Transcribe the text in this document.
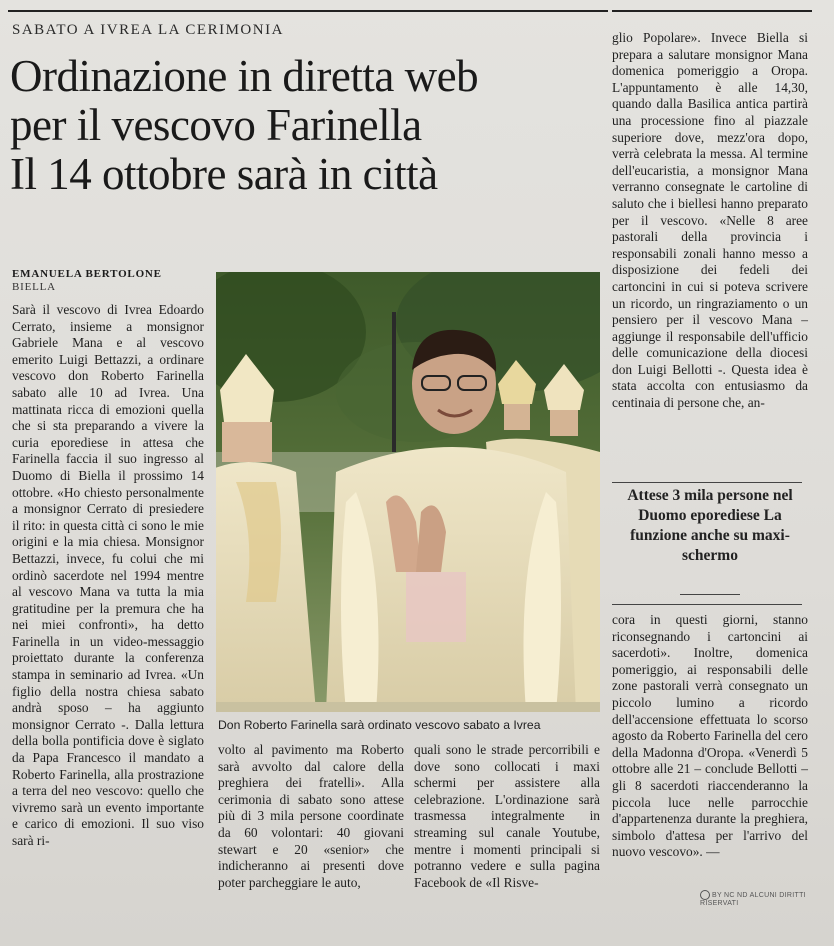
SABATO A IVREA LA CERIMONIA
Ordinazione in diretta web
per il vescovo Farinella
Il 14 ottobre sarà in città
EMANUELA BERTOLONE
BIELLA

Sarà il vescovo di Ivrea Edoardo Cerrato, insieme a monsignor Gabriele Mana e al vescovo emerito Luigi Bettazzi, a ordinare vescovo don Roberto Farinella sabato alle 10 ad Ivrea. Una mattinata ricca di emozioni quella che si sta preparando a vivere la curia eporediese in attesa che Farinella faccia il suo ingresso al Duomo di Biella il prossimo 14 ottobre. «Ho chiesto personalmente a monsignor Cerrato di presiedere il rito: in questa città ci sono le mie origini e la mia chiesa. Monsignor Bettazzi, invece, fu colui che mi ordinò sacerdote nel 1994 mentre al vescovo Mana va tutta la mia gratitudine per la premura che ha nei miei confronti», ha detto Farinella in un video-messaggio proiettato durante la conferenza stampa in seminario ad Ivrea. «Un figlio della nostra chiesa sabato andrà sposo – ha aggiunto monsignor Cerrato -. Dalla lettura della bolla pontificia dove è siglato da Papa Francesco il mandato a Roberto Farinella, alla prostrazione a terra del neo vescovo: quello che vivremo sarà un evento importante e carico di emozioni. Il suo viso sarà ri-

Don Roberto Farinella sarà ordinato vescovo sabato a Ivrea

volto al pavimento ma Roberto sarà avvolto dal calore della preghiera dei fratelli». Alla cerimonia di sabato sono attese più di 3 mila persone coordinate da 60 volontari: 40 giovani stewart e 20 «senior» che indicheranno ai presenti dove poter parcheggiare le auto,

quali sono le strade percorribili e dove sono collocati i maxi schermi per assistere alla celebrazione. L'ordinazione sarà trasmessa integralmente in streaming sul canale Youtube, mentre i momenti principali si potranno vedere e sulla pagina Facebook de «Il Risve-

glio Popolare». Invece Biella si prepara a salutare monsignor Mana domenica pomeriggio a Oropa. L'appuntamento è alle 14,30, quando dalla Basilica antica partirà una processione fino al piazzale superiore dove, mezz'ora dopo, verrà celebrata la messa. Al termine dell'eucaristia, a monsignor Mana verranno consegnate le cartoline di saluto che i biellesi hanno preparato per il vescovo. «Nelle 8 aree pastorali della provincia i responsabili zonali hanno messo a disposizione dei fedeli dei cartoncini in cui si poteva scrivere un ricordo, un ringraziamento o un pensiero per il vescovo Mana – aggiunge il responsabile dell'ufficio delle comunicazione della diocesi don Luigi Bellotti -. Questa idea è stata accolta con entusiasmo da centinaia di persone che, an-

Attese 3 mila persone nel Duomo eporediese La funzione anche su maxi-schermo

cora in questi giorni, stanno riconsegnando i cartoncini ai sacerdoti». Inoltre, domenica pomeriggio, ai responsabili delle zone pastorali verrà consegnato un piccolo lumino a ricordo dell'accensione effettuata lo scorso agosto da Roberto Farinella del cero della Madonna d'Oropa. «Venerdì 5 ottobre alle 21 – conclude Bellotti – gli 8 sacerdoti riaccenderanno la piccola luce nelle parrocchie d'appartenenza durante la preghiera, simbolo d'attesa per l'arrivo del nuovo vescovo». —

BY NC ND ALCUNI DIRITTI RISERVATI
